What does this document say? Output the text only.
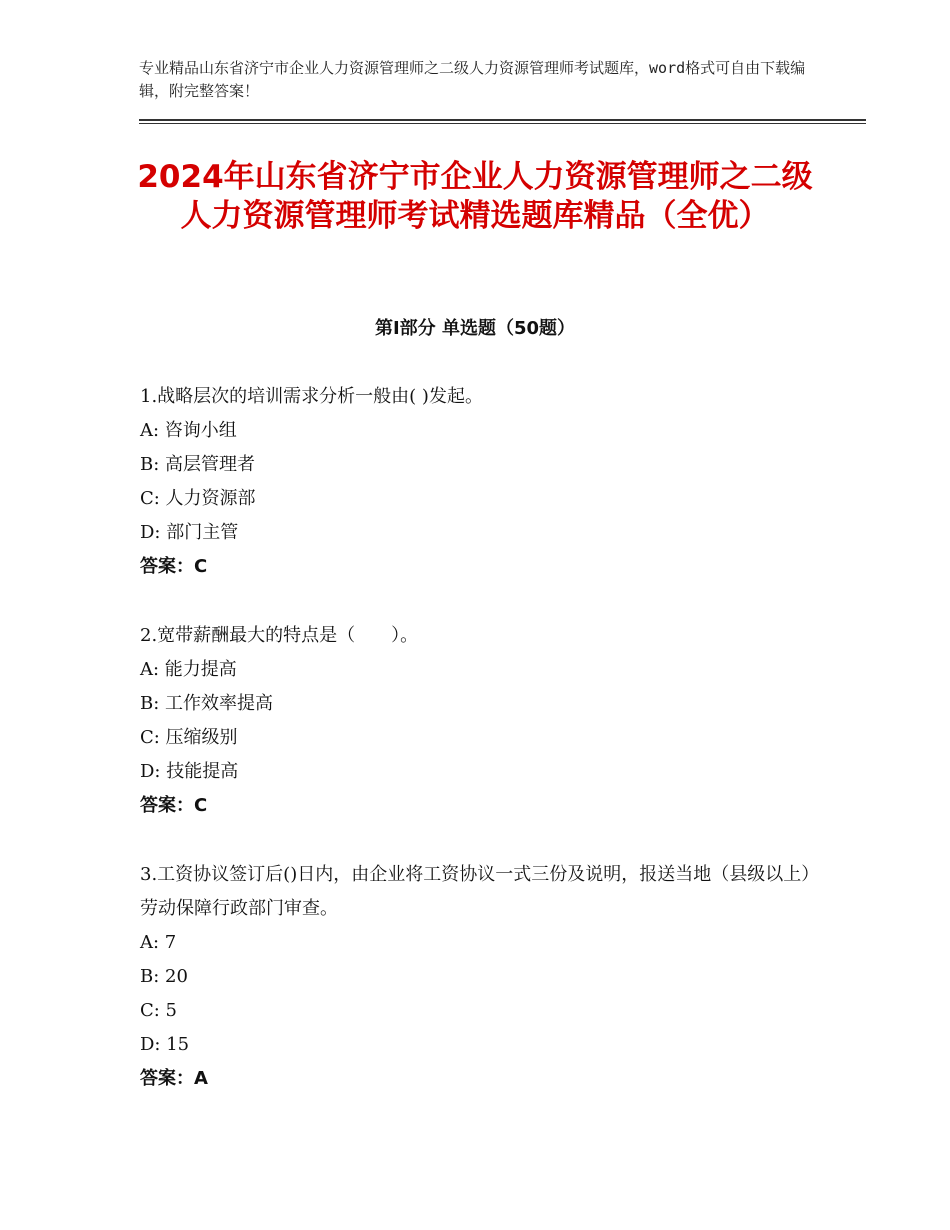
专业精品山东省济宁市企业人力资源管理师之二级人力资源管理师考试题库，word格式可自由下载编辑，附完整答案！
2024年山东省济宁市企业人力资源管理师之二级人力资源管理师考试精选题库精品（全优）
第Ⅰ部分 单选题（50题）

1.战略层次的培训需求分析一般由( )发起。

A: 咨询小组

B: 高层管理者

C: 人力资源部

D: 部门主管

答案：C

2.宽带薪酬最大的特点是（　　）。

A: 能力提高

B: 工作效率提高

C: 压缩级别

D: 技能提高

答案：C

3.工资协议签订后()日内，由企业将工资协议一式三份及说明，报送当地（县级以上）劳动保障行政部门审查。

A: 7

B: 20

C: 5

D: 15

答案：A
